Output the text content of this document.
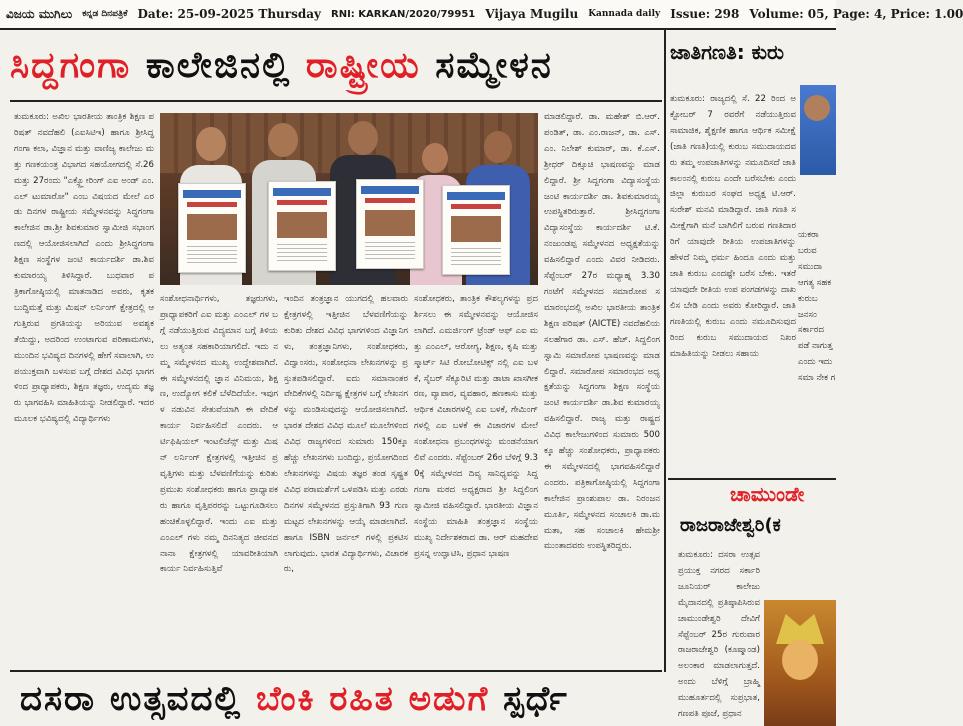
ವಿಜಯ ಮುಗಿಲು ಕನ್ನಡ ದಿನಪತ್ರಿಕೆ Date: 25-09-2025 Thursday RNI: KARKAN/2020/79951 Vijaya Mugilu Kannada daily Issue: 298 Volume: 05, Page: 4, Price: 1.00
ಸಿದ್ದಗಂಗಾ ಕಾಲೇಜಿನಲ್ಲಿ ರಾಷ್ಟ್ರೀಯ ಸಮ್ಮೇಳನ	ಜಾತಿಗಣತಿ: ಕುರು

ತುಮಕೂರು: ಅಖಿಲ ಭಾರತೀಯ ತಾಂತ್ರಿಕ ಶಿಕ್ಷಣ ಪರಿಷತ್ ನವದೆಹಲಿ (ಎಐಸಿಟಿಇ) ಹಾಗೂ ಶ್ರೀಸಿದ್ಧಗಂಗಾ ಕಲಾ, ವಿಜ್ಞಾನ ಮತ್ತು ವಾಣಿಜ್ಯ ಕಾಲೇಜು ಮತ್ತು ಗಣಕಯಂತ್ರ ವಿಭಾಗದ ಸಹಯೋಗದಲ್ಲಿ ಸೆ.26 ಮತ್ತು 27ರಂದು "ಎಕ್ಸ್ಪ್ಲೋರಿಂಗ್ ಎಐ ಅಂಡ್ ಎಂ.ಎಲ್ ಟುಮಾರೋ" ಎಂಬ ವಿಷಯದ ಮೇಲೆ ಎರಡು ದಿನಗಳ ರಾಷ್ಟ್ರೀಯ ಸಮ್ಮೇಳನವನ್ನು ಸಿದ್ಧಗಂಗಾ ಕಾಲೇಜಿನ ಡಾ.ಶ್ರೀ ಶಿವಕುಮಾರ ಸ್ವಾಮೀಜಿ ಸಭಾಂಗಣದಲ್ಲಿ ಆಯೋಜಿಸಲಾಗಿದೆ ಎಂದು ಶ್ರೀಸಿದ್ಧಗಂಗಾ ಶಿಕ್ಷಣ ಸಂಸ್ಥೆಗಳ ಜಂಟಿ ಕಾರ್ಯದರ್ಶಿ ಡಾ.ಶಿವಕುಮಾರಯ್ಯ ತಿಳಿಸಿದ್ದಾರೆ. ಬುಧವಾರ ಪತ್ರಿಕಾಗೋಷ್ಠಿಯಲ್ಲಿ ಮಾತನಾಡಿದ ಅವರು, ಕೃತಕ ಬುದ್ಧಿಮತ್ತೆ ಮತ್ತು ಮಿಷನ್ ಲರ್ನಿಂಗ್ ಕ್ಷೇತ್ರದಲ್ಲಿ ಆಗುತ್ತಿರುವ ಪ್ರಗತಿಯನ್ನು ಅರಿಯುವ ಅವಶ್ಯಕತೆಯಿದ್ದು, ಅದರಿಂದ ಉಂಟಾಗುವ ಪರಿಣಾಮಗಳು, ಮುಂದಿನ ಭವಿಷ್ಯದ ದಿನಗಳಲ್ಲಿ ಹೇಗೆ ಸವಾಲಾಗಿ, ಉಪಯುಕ್ತವಾಗಿ ಬಳಸುವ ಬಗ್ಗೆ ದೇಶದ ವಿವಿಧ ಭಾಗಗಳಿಂದ ಪ್ರಾಧ್ಯಾಪಕರು, ಶಿಕ್ಷಣ ತಜ್ಞರು, ಉದ್ಯಮ ತಜ್ಞರು ಭಾಗವಹಿಸಿ ಮಾಹಿತಿಯನ್ನು ನೀಡಲಿದ್ದಾರೆ. ಇದರ ಮೂಲಕ ಭವಿಷ್ಯದಲ್ಲಿ ವಿದ್ಯಾರ್ಥಿಗಳು

ಸಂಶೋಧನಾರ್ಥಿಗಳು, ತಜ್ಞರುಗಳು, ಪ್ರಾಧ್ಯಾಪಕರಿಗೆ ಎಐ ಮತ್ತು ಎಂಎಲ್ ಗಳ ಬಗ್ಗೆ ನಡೆಯುತ್ತಿರುವ ವಿದ್ಯಮಾನ ಬಗ್ಗೆ ತಿಳಿಯಲು ಅತ್ಯಂತ ಸಹಕಾರಿಯಾಗಲಿದೆ. ಇದು ನಮ್ಮ ಸಮ್ಮೇಳನದ ಮುಖ್ಯ ಉದ್ದೇಶವಾಗಿದೆ. ಈ ಸಮ್ಮೇಳನದಲ್ಲಿ ಜ್ಞಾನ ವಿನಿಮಯ, ಶಿಕ್ಷಣ, ಉದ್ಯೋಗ ಕಲಿಕೆ ಬೆಳೆದಿದೆಯೇ. ಇವುಗಳ ನಡುವಿನ ಸೇತುವೆಯಾಗಿ ಈ ವೇದಿಕೆ ಕಾರ್ಯ ನಿರ್ವಹಿಸಲಿದೆ ಎಂದರು. ಆರ್ಟಿಫಿಷಿಯಲ್ ಇಂಟಲಿಜೆನ್ಸ್ ಮತ್ತು ಮಿಷನ್ ಲರ್ನಿಂಗ್ ಕ್ಷೇತ್ರಗಳಲ್ಲಿ ಇತ್ತೀಚಿನ ಪ್ರವೃತ್ತಿಗಳು ಮತ್ತು ಬೆಳವಣಿಗೆಯನ್ನು ಕುರಿತು ಪ್ರಮುಖ ಸಂಶೋಧಕರು ಹಾಗೂ ಪ್ರಾಧ್ಯಾಪಕರು ಹಾಗೂ ವೃತ್ತಿಪರರನ್ನು ಒಟ್ಟುಗೂಡಿಸಲು ಹಂಚಿಕೊಳ್ಳಲಿದ್ದಾರೆ. ಇಂದು ಎಐ ಮತ್ತು ಎಂಎಲ್ ಗಳು ನಮ್ಮ ದಿನನಿತ್ಯದ ಜೀವನದ ನಾನಾ ಕ್ಷೇತ್ರಗಳಲ್ಲಿ ಯಾವರೀತಿಯಾಗಿ ಕಾರ್ಯ ನಿರ್ವಹಿಸುತ್ತಿವೆ

ಇಂದಿನ ತಂತ್ರಜ್ಞಾನ ಯುಗದಲ್ಲಿ ಹಲವಾರು ಕ್ಷೇತ್ರಗಳಲ್ಲಿ ಇತ್ತೀಚಿನ ಬೆಳವಣಿಗೆಯನ್ನು ಕುರಿತು ದೇಶದ ವಿವಿಧ ಭಾಗಗಳಿಂದ ವಿಜ್ಞಾನಿಗಳು, ತಂತ್ರಜ್ಞಾನಿಗಳು, ಸಂಶೋಧಕರು, ವಿದ್ವಾಂಸರು, ಸಂಶೋಧನಾ ಲೇಖನಗಳನ್ನು ಪ್ರಸ್ತುತಪಡಿಸಲಿದ್ದಾರೆ. ಐದು ಸಮಾನಾಂತರ ವೇದಿಕೆಗಳಲ್ಲಿ ನಿರ್ದಿಷ್ಟ ಕ್ಷೇತ್ರಗಳ ಬಗ್ಗೆ ಲೇಖನಗಳನ್ನು ಮಂಡಿಸುವುದನ್ನು ಆಯೋಜಿಸಲಾಗಿದೆ. ಭಾರತ ದೇಶದ ವಿವಿಧ ಮೂಲೆ ಮೂಲೆಗಳಿಂದ ವಿವಿಧ ರಾಜ್ಯಗಳಿಂದ ಸುಮಾರು 150ಕ್ಕೂ ಹೆಚ್ಚು ಲೇಖನಗಳು ಬಂದಿದ್ದು, ಪ್ರಯೋಗದಿಂದ ಲೇಖನಗಳನ್ನು ವಿಷಯ ತಜ್ಞರ ತಂಡ ಸೃಷ್ಟ್ರತ ವಿವಿಧ ಪರಾಮರ್ಶೆಗೆ ಒಳಪಡಿಸಿ ಮತ್ತು ಎರಡು ದಿನಗಳ ಸಮ್ಮೇಳನದ ಪ್ರಸ್ತುತಿಗಾಗಿ 93 ಗುಣಮಟ್ಟದ ಲೇಖನಗಳನ್ನು ಆಯ್ಕೆ ಮಾಡಲಾಗಿದೆ. ಹಾಗೂ ISBN ಜರ್ನಲ್ ಗಳಲ್ಲಿ ಪ್ರಕಟಿಸಲಾಗುವುದು. ಭಾರತ ವಿದ್ಯಾರ್ಥಿಗಳು, ವಿಚಾರಕರು,

ಸಂಶೋಧಕರು, ತಾಂತ್ರಿಕ ಕೌಶಲ್ಯಗಳನ್ನು ಪ್ರದರ್ಶಿಸಲು ಈ ಸಮ್ಮೇಳನವನ್ನು ಆಯೋಜಿಸಲಾಗಿದೆ. ಎಮರ್ಜಿಂಗ್ ಟ್ರೆಂಡ್ ಆಫ್ ಎಐ ಮತ್ತು ಎಂಎಲ್, ಆರೋಗ್ಯ, ಶಿಕ್ಷಣ, ಕೃಷಿ ಮತ್ತು ಸ್ಮಾರ್ಟ್ ಸಿಟಿ ರೋಬೋಟಿಕ್ಸ್ ನಲ್ಲಿ ಎಐ ಬಳಕೆ, ಸೈಬರ್ ಸೆಕ್ಯೂರಿಟಿ ಮತ್ತು ಡಾಟಾ ಖಾಸಗೀಕರಣ, ವ್ಯಾಪಾರ, ವ್ಯವಹಾರ, ಹಣಕಾಸು ಮತ್ತು ಆರ್ಥಿಕ ವಿಚಾರಗಳಲ್ಲಿ ಎಐ ಬಳಕೆ, ಗೇಮಿಂಗ್ ಗಳಲ್ಲಿ ಎಐ ಬಳಕೆ ಈ ವಿಚಾರಗಳ ಮೇಲೆ ಸಂಶೋಧನಾ ಪ್ರಬಂಧಗಳನ್ನು ಮಂಡನೆಯಾಗಲಿವೆ ಎಂದರು. ಸೆಪ್ಟೆಂಬರ್ 26ರ ಬೆಳಿಗ್ಗೆ 9.30ಕ್ಕೆ ಸಮ್ಮೇಳನದ ದಿವ್ಯ ಸಾನಿಧ್ಯವನ್ನು ಸಿದ್ದಗಂಗಾ ಮಠದ ಅಧ್ಯಕ್ಷರಾದ ಶ್ರೀ ಸಿದ್ದಲಿಂಗ ಸ್ವಾಮೀಜಿ ವಹಿಸಲಿದ್ದಾರೆ. ಭಾರತೀಯ ವಿಜ್ಞಾನ ಸಂಸ್ಥೆಯ ಮಾಹಿತಿ ತಂತ್ರಜ್ಞಾನ ಸಂಸ್ಥೆಯ ಮುಖ್ಯ ನಿರ್ದೇಶಕರಾದ ಡಾ. ಆರ್ ಮಹದೇವ ಪ್ರಸನ್ನ ಉದ್ಘಾಟಿಸಿ, ಪ್ರಧಾನ ಭಾಷಣ

ಮಾಡಲಿದ್ದಾರೆ. ಡಾ. ಮಹೇಶ್ ಬಿ.ಆರ್. ಪಂಡಿತ್, ಡಾ. ಎಂ.ರಾಜನ್, ಡಾ. ಎಸ್. ಎಂ. ನಿಲೇಶ್ ಕುಮಾರ್, ಡಾ. ಕೆ.ಎಸ್.ಶ್ರೀಧರ್ ದಿಕ್ಸೂಚಿ ಭಾಷಣವನ್ನು ಮಾಡಲಿದ್ದಾರೆ. ಶ್ರೀ ಸಿದ್ದಗಂಗಾ ವಿದ್ಯಾಸಂಸ್ಥೆಯ ಜಂಟಿ ಕಾರ್ಯದರ್ಶಿ ಡಾ. ಶಿವಕುಮಾರಯ್ಯ ಉಪಸ್ಥಿತರಿರುತ್ತಾರೆ. ಶ್ರೀಸಿದ್ದಗಂಗಾ ವಿದ್ಯಾಸಂಸ್ಥೆಯ ಕಾರ್ಯದರ್ಶಿ ಟಿ.ಕೆ. ನಂಜುಂಡಪ್ಪ ಸಮ್ಮೇಳನದ ಅಧ್ಯಕ್ಷತೆಯನ್ನು ವಹಿಸಲಿದ್ದಾರೆ ಎಂದು ವಿವರ ನೀಡಿದರು. ಸೆಪ್ಟೆಂಬರ್ 27ರ ಮಧ್ಯಾಹ್ನ 3.30 ಗಂಟೆಗೆ ಸಮ್ಮೇಳನದ ಸಮಾರೋಪ ಸಮಾರಂಭದಲ್ಲಿ ಅಖಿಲ ಭಾರತೀಯ ತಾಂತ್ರಿಕ ಶಿಕ್ಷಣ ಪರಿಷತ್ (AICTE) ನವದೆಹಲಿಯ ಸಲಹೆಗಾರ ಡಾ. ಎಸ್. ಹೆಚ್. ಸಿದ್ದಲಿಂಗಸ್ವಾಮಿ ಸಮಾರೋಪ ಭಾಷಣವನ್ನು ಮಾಡಲಿದ್ದಾರೆ. ಸಮಾರೋಪ ಸಮಾರಂಭದ ಅಧ್ಯಕ್ಷತೆಯನ್ನು ಸಿದ್ದಗಂಗಾ ಶಿಕ್ಷಣ ಸಂಸ್ಥೆಯ ಜಂಟಿ ಕಾರ್ಯದರ್ಶಿ ಡಾ.ಶಿವ ಕುಮಾರಯ್ಯ ವಹಿಸಲಿದ್ದಾರೆ. ರಾಜ್ಯ ಮತ್ತು ರಾಷ್ಟ್ರದ ವಿವಿಧ ಕಾಲೇಜುಗಳಿಂದ ಸುಮಾರು 500ಕ್ಕೂ ಹೆಚ್ಚು ಸಂಶೋಧಕರು, ಪ್ರಾಧ್ಯಾಪಕರು ಈ ಸಮ್ಮೇಳನದಲ್ಲಿ ಭಾಗವಹಿಸಲಿದ್ದಾರೆ ಎಂದರು. ಪತ್ರಿಕಾಗೋಷ್ಠಿಯಲ್ಲಿ ಸಿದ್ದಗಂಗಾ ಕಾಲೇಜಿನ ಪ್ರಾಂಶುಪಾಲ ಡಾ. ನಿರಂಜನಮೂರ್ತಿ, ಸಮ್ಮೇಳನದ ಸಂಚಾಲಕಿ ಡಾ.ಮಮತಾ, ಸಹ ಸಂಚಾಲಕಿ ಹೇಮಶ್ರೀ ಮುಂತಾದವರು ಉಪಸ್ಥಿತರಿದ್ದರು.

ತುಮಕೂರು: ರಾಜ್ಯದಲ್ಲಿ ಸೆ. 22 ರಿಂದ ಅಕ್ಟೋಬರ್ 7 ರವರೆಗೆ ನಡೆಯುತ್ತಿರುವ ಸಾಮಾಜಿಕ, ಶೈಕ್ಷಣಿಕ ಹಾಗೂ ಆರ್ಥಿಕ ಸಮೀಕ್ಷೆ (ಜಾತಿ ಗಣತಿ)ಯಲ್ಲಿ ಕುರುಬ ಸಮುದಾಯದವರು ತಮ್ಮ ಉಪಜಾತಿಗಳನ್ನು ನಮೂದಿಸದೆ ಜಾತಿ ಕಾಲಂನಲ್ಲಿ ಕುರುಬ ಎಂದೇ ಬರೆಸಬೇಕು ಎಂದು ಜಿಲ್ಲಾ ಕುರುಬರ ಸಂಘದ ಅಧ್ಯಕ್ಷ ಟಿ.ಆರ್. ಸುರೇಶ್ ಮನವಿ ಮಾಡಿದ್ದಾರೆ. ಜಾತಿ ಗಣತಿ ಸಮೀಕ್ಷೆಗಾಗಿ ಮನೆ ಬಾಗಿಲಿಗೆ ಬರುವ ಗಣತಿದಾರರಿಗೆ ಯಾವುದೇ ರೀತಿಯ ಉಪಜಾತಿಗಳನ್ನು ಹೇಳದೆ ನಿಮ್ಮ ಧರ್ಮ ಹಿಂದೂ ಎಂದು ಮತ್ತು ಜಾತಿ ಕುರುಬ ಎಂದಷ್ಟೇ ಬರೆಸ ಬೇಕು. ಇತರೆ ಯಾವುದೇ ರೀತಿಯ ಉಪ ಪಂಗಡಗಳನ್ನು ದಾಖಲಿಸ ಬೇಡಿ ಎಂದು ಅವರು ಕೋರಿದ್ದಾರೆ. ಜಾತಿ ಗಣತಿಯಲ್ಲಿ ಕುರುಬ ಎಂದು ನಮೂದಿಸುವುದರಿಂದ ಕುರುಬ ಸಮುದಾಯದ ನಿಖರ ಮಾಹಿತಿಯನ್ನು ನೀಡಲು ಸಹಾಯ

ಯಕರಾ ಬರುವ ಸಮುದಾ ಆಗತ್ಯ ಸಹಕ ಕುರುಬ ಜನಸಂ ಸರ್ಕಾರದ ಪಡೆ ನಾಗುತ್ತ ಎಂದು ಇದು ಸಮಾ ನೇಕ ಗ
ಚಾಮುಂಡೇ
ರಾಜರಾಜೇಶ್ವರಿ(ಕ

ತುಮಕೂರು: ದಸರಾ ಉತ್ಸವ ಪ್ರಯುಕ್ತ ನಗರದ ಸರ್ಕಾರಿ ಜೂನಿಯರ್ ಕಾಲೇಜು ಮೈದಾನದಲ್ಲಿ ಪ್ರತಿಷ್ಠಾಪಿಸಿರುವ ಚಾಮುಂಡೇಶ್ವರಿ ದೇವಿಗೆ ಸೆಪ್ಟೆಂಬರ್ 25ರ ಗುರುವಾರ ರಾಜರಾಜೇಶ್ವರಿ (ಕೂಷ್ಮಾಂಡ) ಅಲಂಕಾರ ಮಾಡಲಾಗುತ್ತದೆ. ಅಂದು ಬೆಳಿಗ್ಗೆ ಬ್ರಾಹ್ಮಿ ಮುಹೂರ್ತದಲ್ಲಿ ಸುಪ್ರಭಾತ, ಗಣಪತಿ ಪೂಜೆ, ಪ್ರಧಾನ

ದಸರಾ ಉತ್ಸವದಲ್ಲಿ ಬೆಂಕಿ ರಹಿತ ಅಡುಗೆ ಸ್ಪರ್ಧೆ
